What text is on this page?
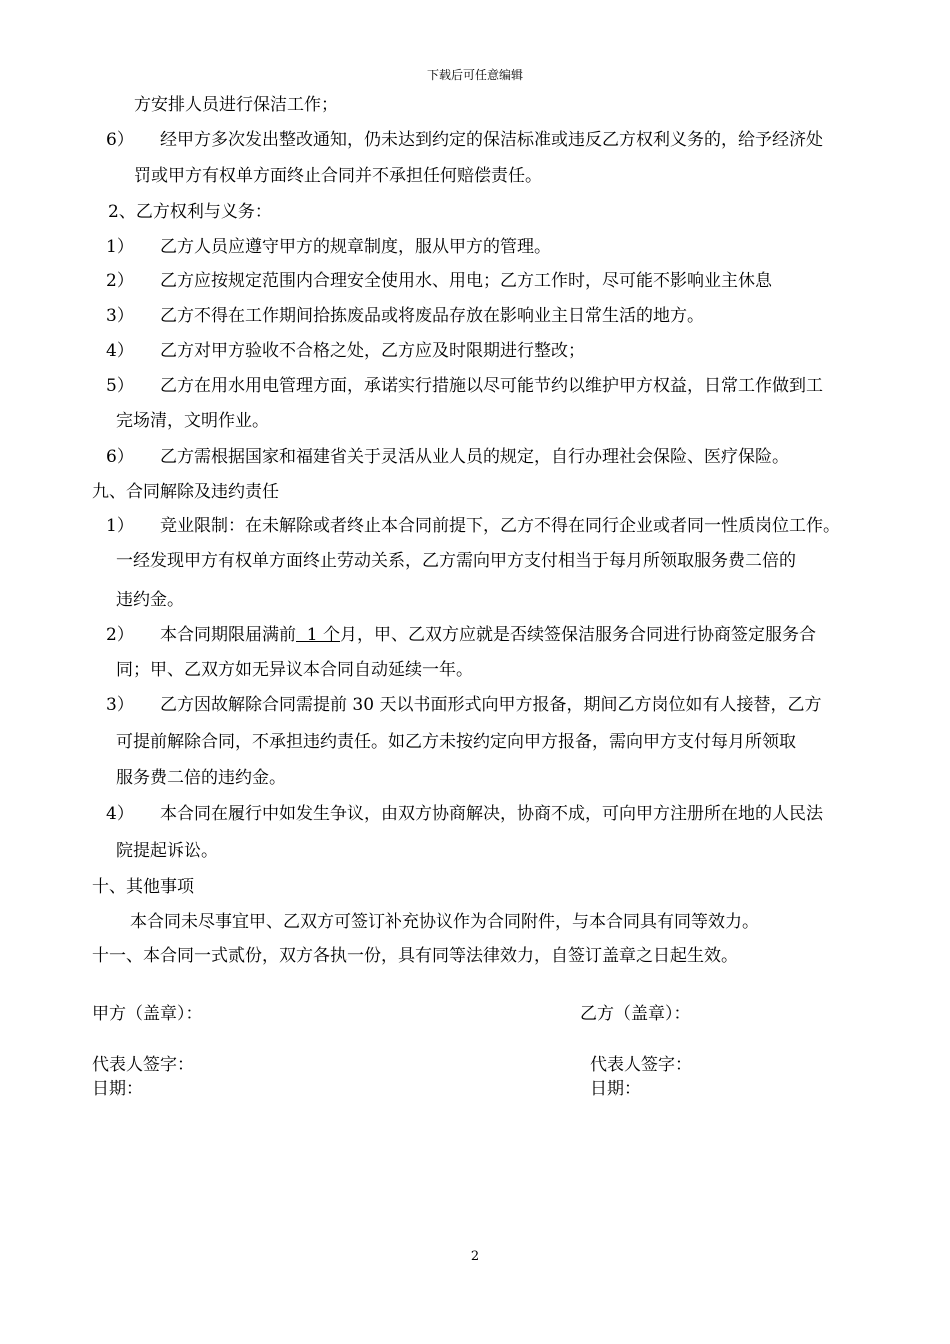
下载后可任意编辑
方安排人员进行保洁工作；
6） 经甲方多次发出整改通知，仍未达到约定的保洁标准或违反乙方权利义务的，给予经济处
罚或甲方有权单方面终止合同并不承担任何赔偿责任。
2、乙方权利与义务：
1） 乙方人员应遵守甲方的规章制度，服从甲方的管理。
2） 乙方应按规定范围内合理安全使用水、用电；乙方工作时，尽可能不影响业主休息
3） 乙方不得在工作期间拾拣废品或将废品存放在影响业主日常生活的地方。
4） 乙方对甲方验收不合格之处，乙方应及时限期进行整改；
5） 乙方在用水用电管理方面，承诺实行措施以尽可能节约以维护甲方权益，日常工作做到工
完场清，文明作业。
6） 乙方需根据国家和福建省关于灵活从业人员的规定，自行办理社会保险、医疗保险。
九、合同解除及违约责任
1） 竞业限制：在未解除或者终止本合同前提下，乙方不得在同行企业或者同一性质岗位工作。
一经发现甲方有权单方面终止劳动关系，乙方需向甲方支付相当于每月所领取服务费二倍的
违约金。
2） 本合同期限届满前  1 个月，甲、乙双方应就是否续签保洁服务合同进行协商签定服务合
同；甲、乙双方如无异议本合同自动延续一年。
3） 乙方因故解除合同需提前 30 天以书面形式向甲方报备，期间乙方岗位如有人接替，乙方
可提前解除合同，不承担违约责任。如乙方未按约定向甲方报备，需向甲方支付每月所领取
服务费二倍的违约金。
4） 本合同在履行中如发生争议，由双方协商解决，协商不成，可向甲方注册所在地的人民法
院提起诉讼。
十、其他事项
本合同未尽事宜甲、乙双方可签订补充协议作为合同附件，与本合同具有同等效力。
十一、本合同一式贰份，双方各执一份，具有同等法律效力，自签订盖章之日起生效。
甲方（盖章）：	乙方（盖章）：
代表人签字：
日期：
代表人签字：
日期：
2
